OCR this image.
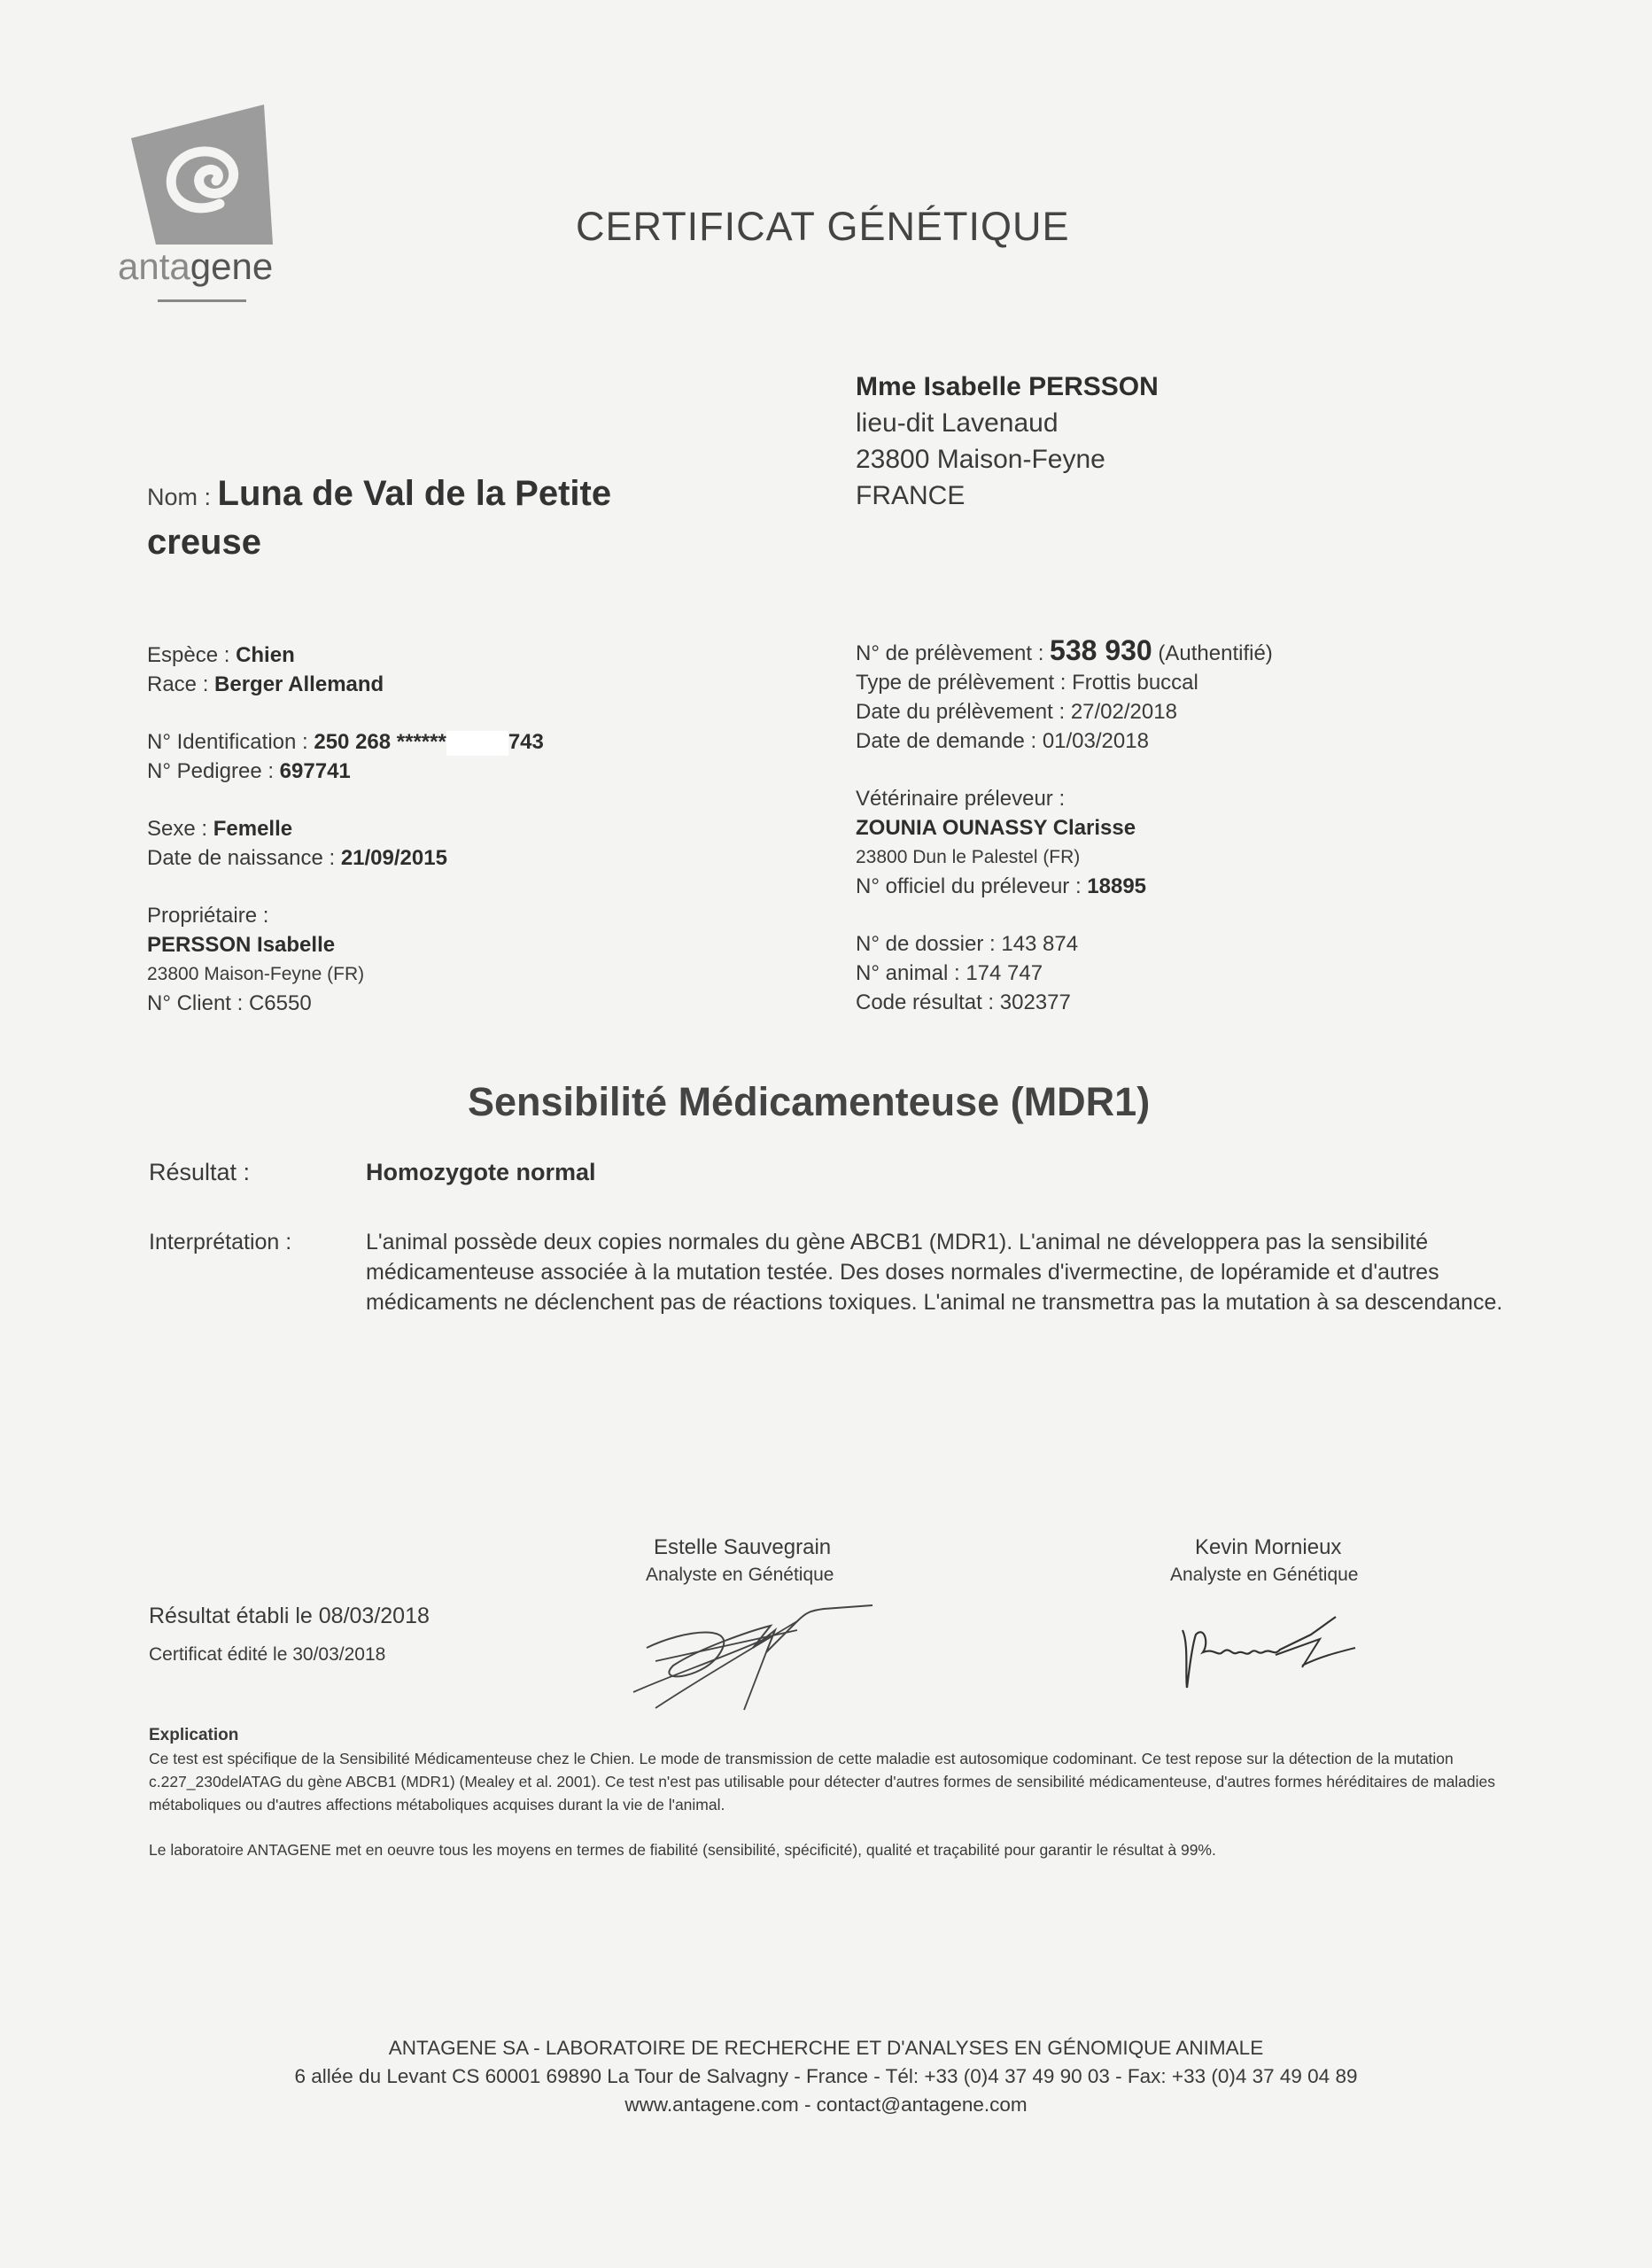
antagene
CERTIFICAT GÉNÉTIQUE
Mme Isabelle PERSSON
lieu-dit Lavenaud
23800 Maison-Feyne
FRANCE
Nom : Luna de Val de la Petite creuse
Espèce : Chien
Race : Berger Allemand
N° Identification : 250 268 ******	743
N° Pedigree : 697741
Sexe : Femelle
Date de naissance : 21/09/2015
Propriétaire :
PERSSON Isabelle
23800 Maison-Feyne (FR)
N° Client : C6550
N° de prélèvement : 538 930 (Authentifié)
Type de prélèvement : Frottis buccal
Date du prélèvement : 27/02/2018
Date de demande : 01/03/2018
Vétérinaire préleveur :
ZOUNIA OUNASSY Clarisse
23800 Dun le Palestel (FR)
N° officiel du préleveur : 18895
N° de dossier : 143 874
N° animal : 174 747
Code résultat : 302377
Sensibilité Médicamenteuse (MDR1)
Résultat :	Homozygote normal
Interprétation :	L'animal possède deux copies normales du gène ABCB1 (MDR1). L'animal ne développera pas la sensibilité médicamenteuse associée à la mutation testée. Des doses normales d'ivermectine, de lopéramide et d'autres médicaments ne déclenchent pas de réactions toxiques. L'animal ne transmettra pas la mutation à sa descendance.
Estelle Sauvegrain
Analyste en Génétique
Kevin Mornieux
Analyste en Génétique
Résultat établi le 08/03/2018
Certificat édité le 30/03/2018
Explication
Ce test est spécifique de la Sensibilité Médicamenteuse chez le Chien. Le mode de transmission de cette maladie est autosomique codominant. Ce test repose sur la détection de la mutation c.227_230delATAG du gène ABCB1 (MDR1) (Mealey et al. 2001). Ce test n'est pas utilisable pour détecter d'autres formes de sensibilité médicamenteuse, d'autres formes héréditaires de maladies métaboliques ou d'autres affections métaboliques acquises durant la vie de l'animal.
Le laboratoire ANTAGENE met en oeuvre tous les moyens en termes de fiabilité (sensibilité, spécificité), qualité et traçabilité pour garantir le résultat à 99%.
ANTAGENE SA - LABORATOIRE DE RECHERCHE ET D'ANALYSES EN GÉNOMIQUE ANIMALE
6 allée du Levant CS 60001 69890 La Tour de Salvagny - France - Tél: +33 (0)4 37 49 90 03 - Fax: +33 (0)4 37 49 04 89
www.antagene.com - contact@antagene.com
